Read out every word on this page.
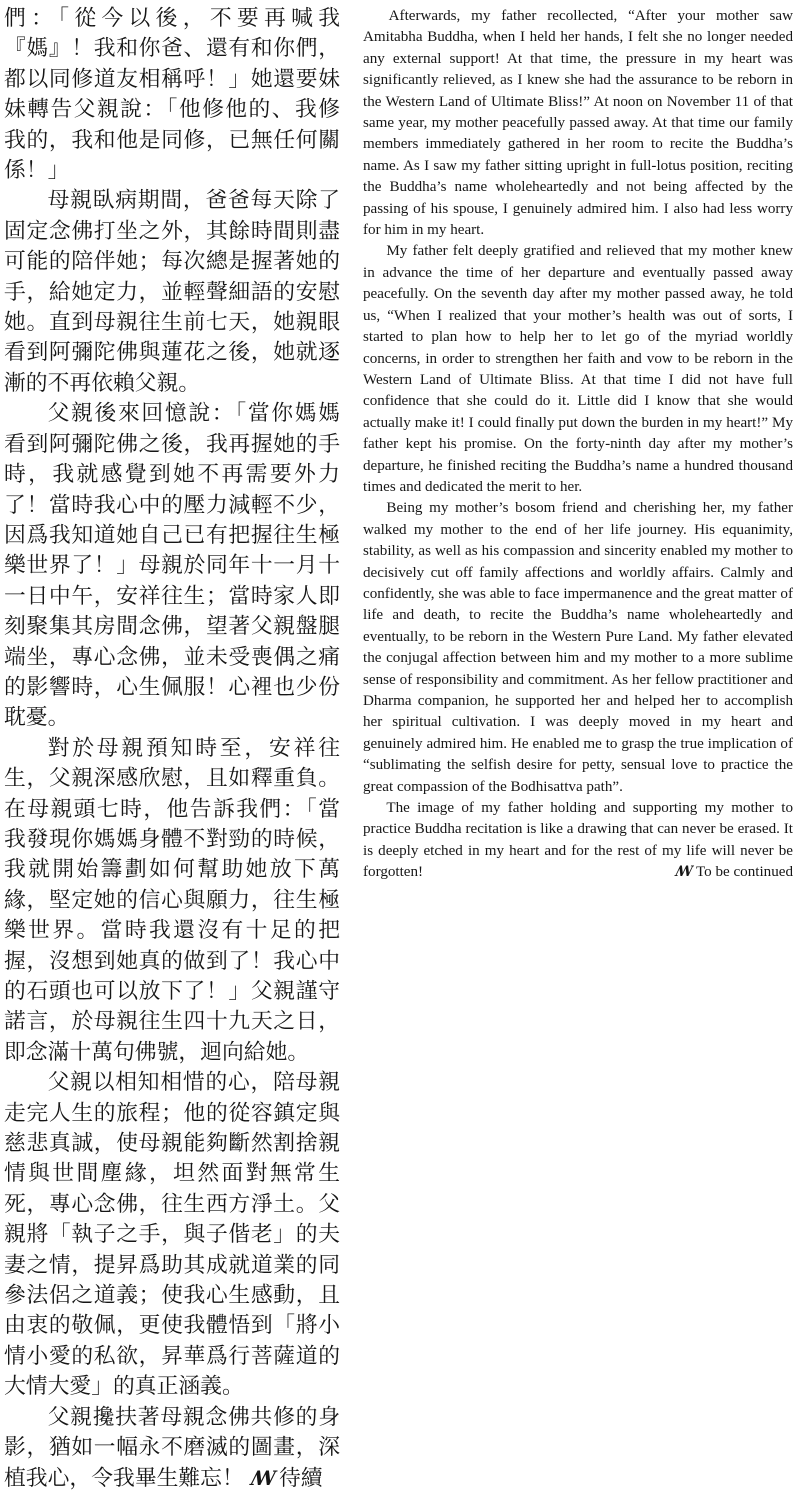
們：「從今以後，不要再喊我『媽』！我和你爸、還有和你們，都以同修道友相稱呼！」她還要妹妹轉告父親說：「他修他的、我修我的，我和他是同修，已無任何關係！」

母親臥病期間，爸爸每天除了固定念佛打坐之外，其餘時間則盡可能的陪伴她；每次總是握著她的手，給她定力，並輕聲細語的安慰她。直到母親往生前七天，她親眼看到阿彌陀佛與蓮花之後，她就逐漸的不再依賴父親。

父親後來回憶說：「當你媽媽看到阿彌陀佛之後，我再握她的手時，我就感覺到她不再需要外力了！當時我心中的壓力減輕不少，因爲我知道她自己已有把握往生極樂世界了！」母親於同年十一月十一日中午，安祥往生；當時家人即刻聚集其房間念佛，望著父親盤腿端坐，專心念佛，並未受喪偶之痛的影響時，心生佩服！心裡也少份耽憂。

對於母親預知時至，安祥往生，父親深感欣慰，且如釋重負。在母親頭七時，他告訴我們：「當我發現你媽媽身體不對勁的時候，我就開始籌劃如何幫助她放下萬緣，堅定她的信心與願力，往生極樂世界。當時我還沒有十足的把握，沒想到她真的做到了！我心中的石頭也可以放下了！」父親謹守諾言，於母親往生四十九天之日，即念滿十萬句佛號，迴向給她。

父親以相知相惜的心，陪母親走完人生的旅程；他的從容鎮定與慈悲真誠，使母親能夠斷然割捨親情與世間塵緣，坦然面對無常生死，專心念佛，往生西方淨土。父親將「執子之手，與子偕老」的夫妻之情，提昇爲助其成就道業的同參法侶之道義；使我心生感動，且由衷的敬佩，更使我體悟到「將小情小愛的私欲，昇華爲行菩薩道的大情大愛」的真正涵義。

父親攙扶著母親念佛共修的身影，猶如一幅永不磨滅的圖畫，深植我心，令我畢生難忘！ ꟿ 待續

Afterwards, my father recollected, “After your mother saw Amitabha Buddha, when I held her hands, I felt she no longer needed any external support! At that time, the pressure in my heart was significantly relieved, as I knew she had the assurance to be reborn in the Western Land of Ultimate Bliss!” At noon on November 11 of that same year, my mother peacefully passed away. At that time our family members immediately gathered in her room to recite the Buddha’s name. As I saw my father sitting upright in full-lotus position, reciting the Buddha’s name wholeheartedly and not being affected by the passing of his spouse, I genuinely admired him. I also had less worry for him in my heart.

My father felt deeply gratified and relieved that my mother knew in advance the time of her departure and eventually passed away peacefully. On the seventh day after my mother passed away, he told us, “When I realized that your mother’s health was out of sorts, I started to plan how to help her to let go of the myriad worldly concerns, in order to strengthen her faith and vow to be reborn in the Western Land of Ultimate Bliss. At that time I did not have full confidence that she could do it. Little did I know that she would actually make it! I could finally put down the burden in my heart!” My father kept his promise. On the forty-ninth day after my mother’s departure, he finished reciting the Buddha’s name a hundred thousand times and dedicated the merit to her.

Being my mother’s bosom friend and cherishing her, my father walked my mother to the end of her life journey. His equanimity, stability, as well as his compassion and sincerity enabled my mother to decisively cut off family affections and worldly affairs. Calmly and confidently, she was able to face impermanence and the great matter of life and death, to recite the Buddha’s name wholeheartedly and eventually, to be reborn in the Western Pure Land. My father elevated the conjugal affection between him and my mother to a more sublime sense of responsibility and commitment. As her fellow practitioner and Dharma companion, he supported her and helped her to accomplish her spiritual cultivation. I was deeply moved in my heart and genuinely admired him. He enabled me to grasp the true implication of “sublimating the selfish desire for petty, sensual love to practice the great compassion of the Bodhisattva path”.

The image of my father holding and supporting my mother to practice Buddha recitation is like a drawing that can never be erased. It is deeply etched in my heart and for the rest of my life will never be forgotten!	ꟿ To be continued
